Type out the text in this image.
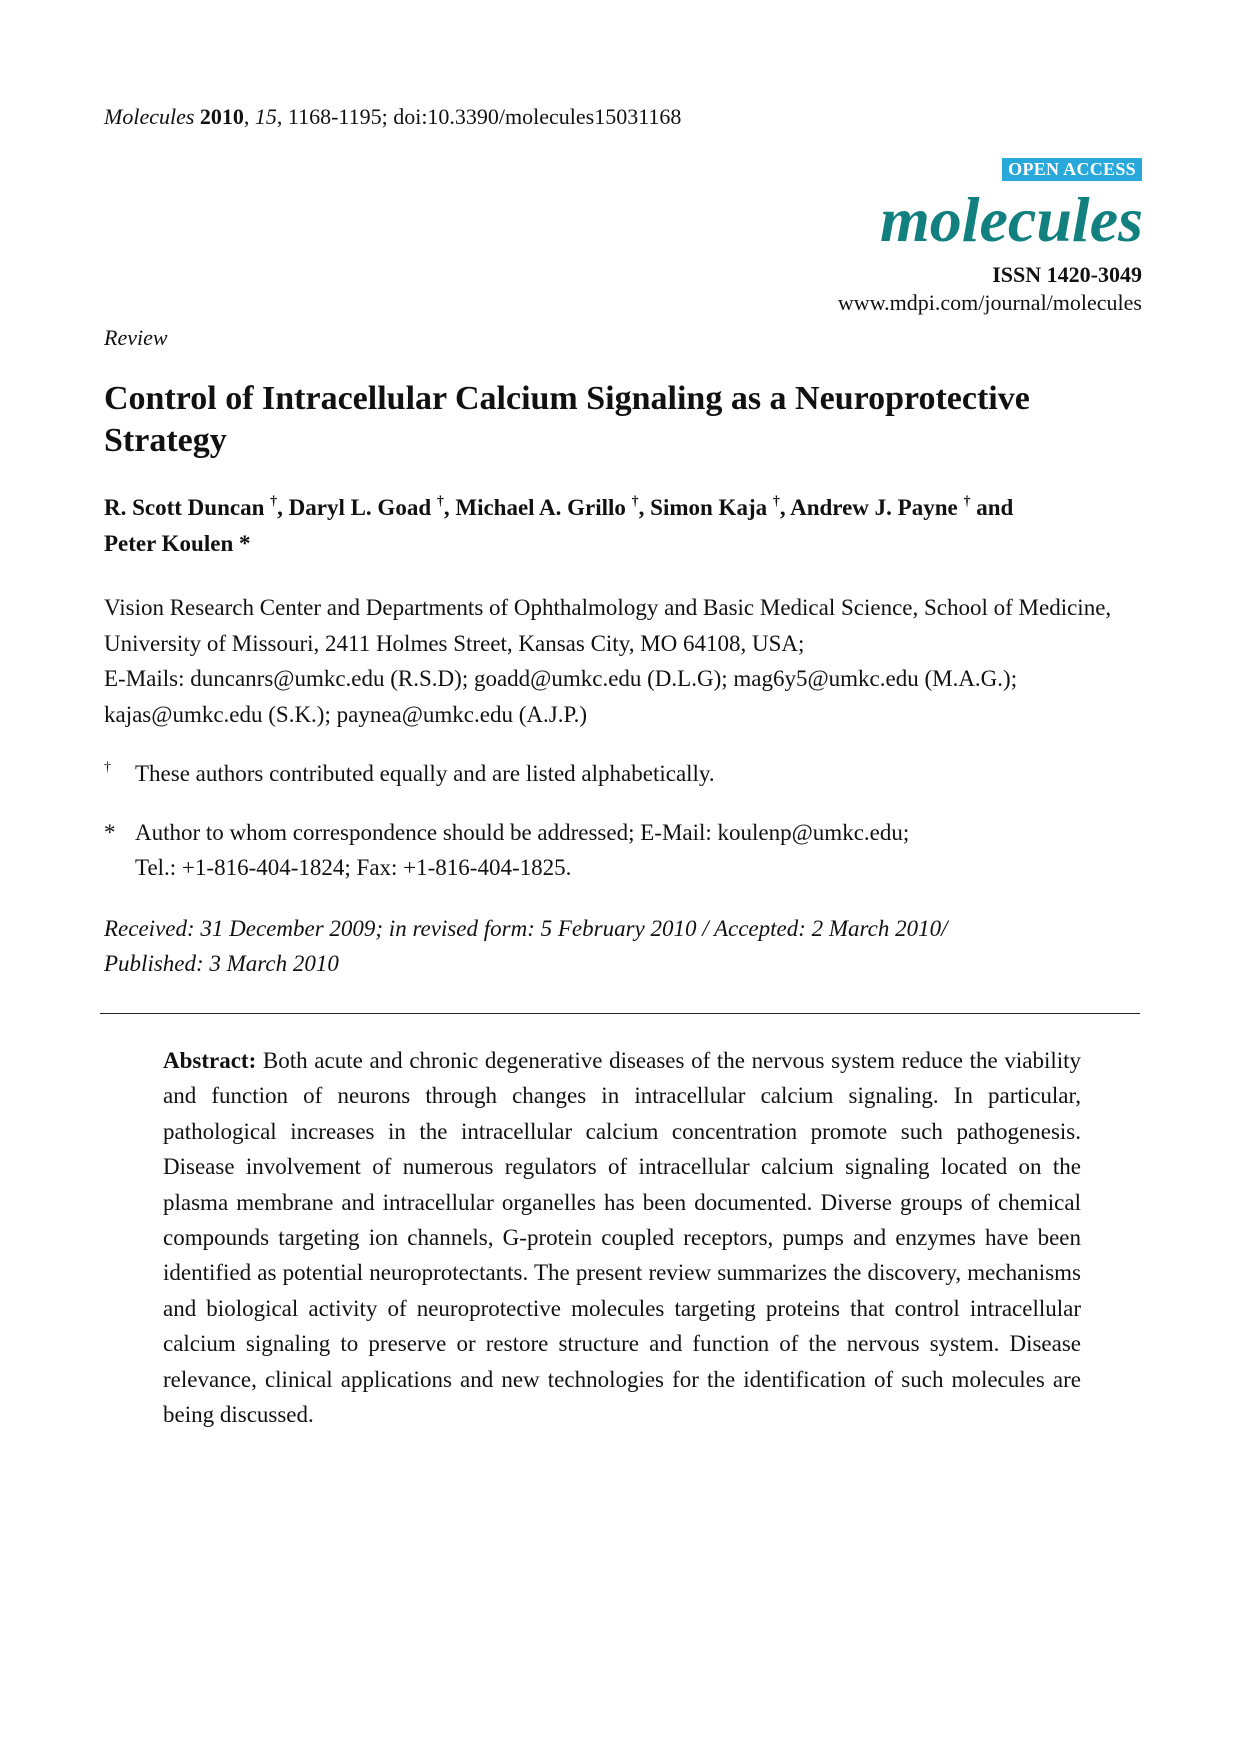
Molecules 2010, 15, 1168-1195; doi:10.3390/molecules15031168
OPEN ACCESS
molecules
ISSN 1420-3049
www.mdpi.com/journal/molecules
Review
Control of Intracellular Calcium Signaling as a Neuroprotective Strategy
R. Scott Duncan †, Daryl L. Goad †, Michael A. Grillo †, Simon Kaja †, Andrew J. Payne † and
Peter Koulen *
Vision Research Center and Departments of Ophthalmology and Basic Medical Science, School of Medicine, University of Missouri, 2411 Holmes Street, Kansas City, MO 64108, USA;
E-Mails: duncanrs@umkc.edu (R.S.D); goadd@umkc.edu (D.L.G); mag6y5@umkc.edu (M.A.G.); kajas@umkc.edu (S.K.); paynea@umkc.edu (A.J.P.)
† These authors contributed equally and are listed alphabetically.
* Author to whom correspondence should be addressed; E-Mail: koulenp@umkc.edu;
Tel.: +1-816-404-1824; Fax: +1-816-404-1825.
Received: 31 December 2009; in revised form: 5 February 2010 / Accepted: 2 March 2010/
Published: 3 March 2010
Abstract: Both acute and chronic degenerative diseases of the nervous system reduce the viability and function of neurons through changes in intracellular calcium signaling. In particular, pathological increases in the intracellular calcium concentration promote such pathogenesis. Disease involvement of numerous regulators of intracellular calcium signaling located on the plasma membrane and intracellular organelles has been documented. Diverse groups of chemical compounds targeting ion channels, G-protein coupled receptors, pumps and enzymes have been identified as potential neuroprotectants. The present review summarizes the discovery, mechanisms and biological activity of neuroprotective molecules targeting proteins that control intracellular calcium signaling to preserve or restore structure and function of the nervous system. Disease relevance, clinical applications and new technologies for the identification of such molecules are being discussed.
